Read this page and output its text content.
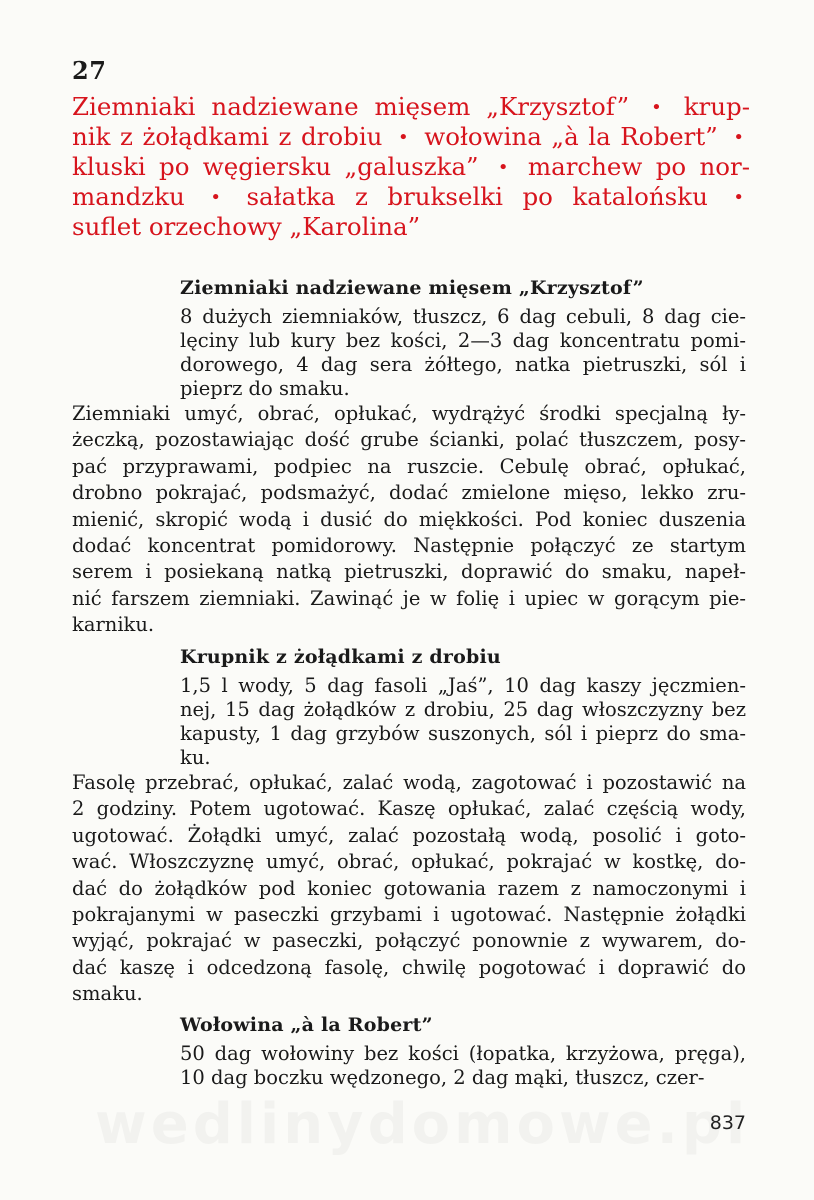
27
Ziemniaki nadziewane mięsem „Krzysztof” • krup-
nik z żołądkami z drobiu • wołowina „à la Robert” •
kluski po węgiersku „galuszka” • marchew po nor-
mandzku • sałatka z brukselki po katalońsku •
suflet orzechowy „Karolina”
Ziemniaki nadziewane mięsem „Krzysztof”
8 dużych ziemniaków, tłuszcz, 6 dag cebuli, 8 dag cie-
lęciny lub kury bez kości, 2—3 dag koncentratu pomi-
dorowego, 4 dag sera żółtego, natka pietruszki, sól i
pieprz do smaku.
Ziemniaki umyć, obrać, opłukać, wydrążyć środki specjalną ły-
żeczką, pozostawiając dość grube ścianki, polać tłuszczem, posy-
pać przyprawami, podpiec na ruszcie. Cebulę obrać, opłukać,
drobno pokrajać, podsmażyć, dodać zmielone mięso, lekko zru-
mienić, skropić wodą i dusić do miękkości. Pod koniec duszenia
dodać koncentrat pomidorowy. Następnie połączyć ze startym
serem i posiekaną natką pietruszki, doprawić do smaku, napeł-
nić farszem ziemniaki. Zawinąć je w folię i upiec w gorącym pie-
karniku.
Krupnik z żołądkami z drobiu
1,5 l wody, 5 dag fasoli „Jaś”, 10 dag kaszy jęczmien-
nej, 15 dag żołądków z drobiu, 25 dag włoszczyzny bez
kapusty, 1 dag grzybów suszonych, sól i pieprz do sma-
ku.
Fasolę przebrać, opłukać, zalać wodą, zagotować i pozostawić na
2 godziny. Potem ugotować. Kaszę opłukać, zalać częścią wody,
ugotować. Żołądki umyć, zalać pozostałą wodą, posolić i goto-
wać. Włoszczyznę umyć, obrać, opłukać, pokrajać w kostkę, do-
dać do żołądków pod koniec gotowania razem z namoczonymi i
pokrajanymi w paseczki grzybami i ugotować. Następnie żołądki
wyjąć, pokrajać w paseczki, połączyć ponownie z wywarem, do-
dać kaszę i odcedzoną fasolę, chwilę pogotować i doprawić do
smaku.
Wołowina „à la Robert”
50 dag wołowiny bez kości (łopatka, krzyżowa, pręga),
10 dag boczku wędzonego, 2 dag mąki, tłuszcz, czer-
837
